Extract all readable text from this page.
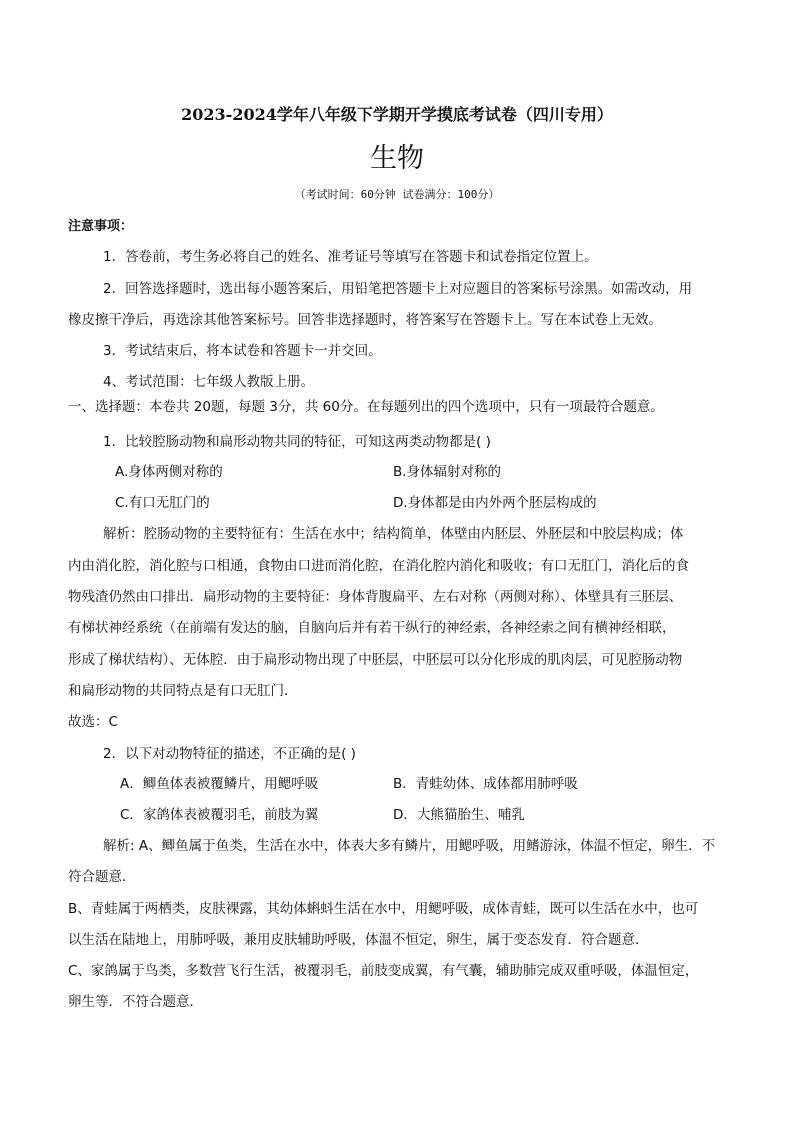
2023-2024学年八年级下学期开学摸底考试卷（四川专用）
生物
（考试时间：60分钟 试卷满分：100分）

注意事项：

1．答卷前，考生务必将自己的姓名、准考证号等填写在答题卡和试卷指定位置上。

2．回答选择题时，选出每小题答案后，用铅笔把答题卡上对应题目的答案标号涂黑。如需改动，用

橡皮擦干净后，再选涂其他答案标号。回答非选择题时，将答案写在答题卡上。写在本试卷上无效。

3．考试结束后，将本试卷和答题卡一并交回。

4、考试范围：七年级人教版上册。

一、选择题：本卷共 20题，每题 3分，共 60分。在每题列出的四个选项中，只有一项最符合题意。

1．比较腔肠动物和扁形动物共同的特征，可知这两类动物都是( )

A.身体两侧对称的	B.身体辐射对称的

C.有口无肛门的	D.身体都是由内外两个胚层构成的

解析：腔肠动物的主要特征有：生活在水中；结构简单，体壁由内胚层、外胚层和中胶层构成；体

内由消化腔，消化腔与口相通，食物由口进而消化腔，在消化腔内消化和吸收；有口无肛门，消化后的食

物残渣仍然由口排出．扁形动物的主要特征：身体背腹扁平、左右对称（两侧对称）、体壁具有三胚层、

有梯状神经系统（在前端有发达的脑，自脑向后并有若干纵行的神经索，各神经索之间有横神经相联，

形成了梯状结构）、无体腔．由于扁形动物出现了中胚层，中胚层可以分化形成的肌肉层，可见腔肠动物

和扁形动物的共同特点是有口无肛门．

故选：C

2．以下对动物特征的描述，不正确的是( )

A．鲫鱼体表被覆鳞片，用鳃呼吸	B．青蛙幼体、成体都用肺呼吸

C．家鸽体表被覆羽毛，前肢为翼	D．大熊猫胎生、哺乳

解析: A、鲫鱼属于鱼类，生活在水中，体表大多有鳞片，用鳃呼吸，用鳍游泳，体温不恒定，卵生．不

符合题意．

B、青蛙属于两栖类，皮肤裸露，其幼体蝌蚪生活在水中，用鳃呼吸，成体青蛙，既可以生活在水中，也可

以生活在陆地上，用肺呼吸，兼用皮肤辅助呼吸，体温不恒定，卵生，属于变态发育．符合题意．

C、家鸽属于鸟类，多数营飞行生活，被覆羽毛，前肢变成翼，有气囊，辅助肺完成双重呼吸，体温恒定，

卵生等．不符合题意．
